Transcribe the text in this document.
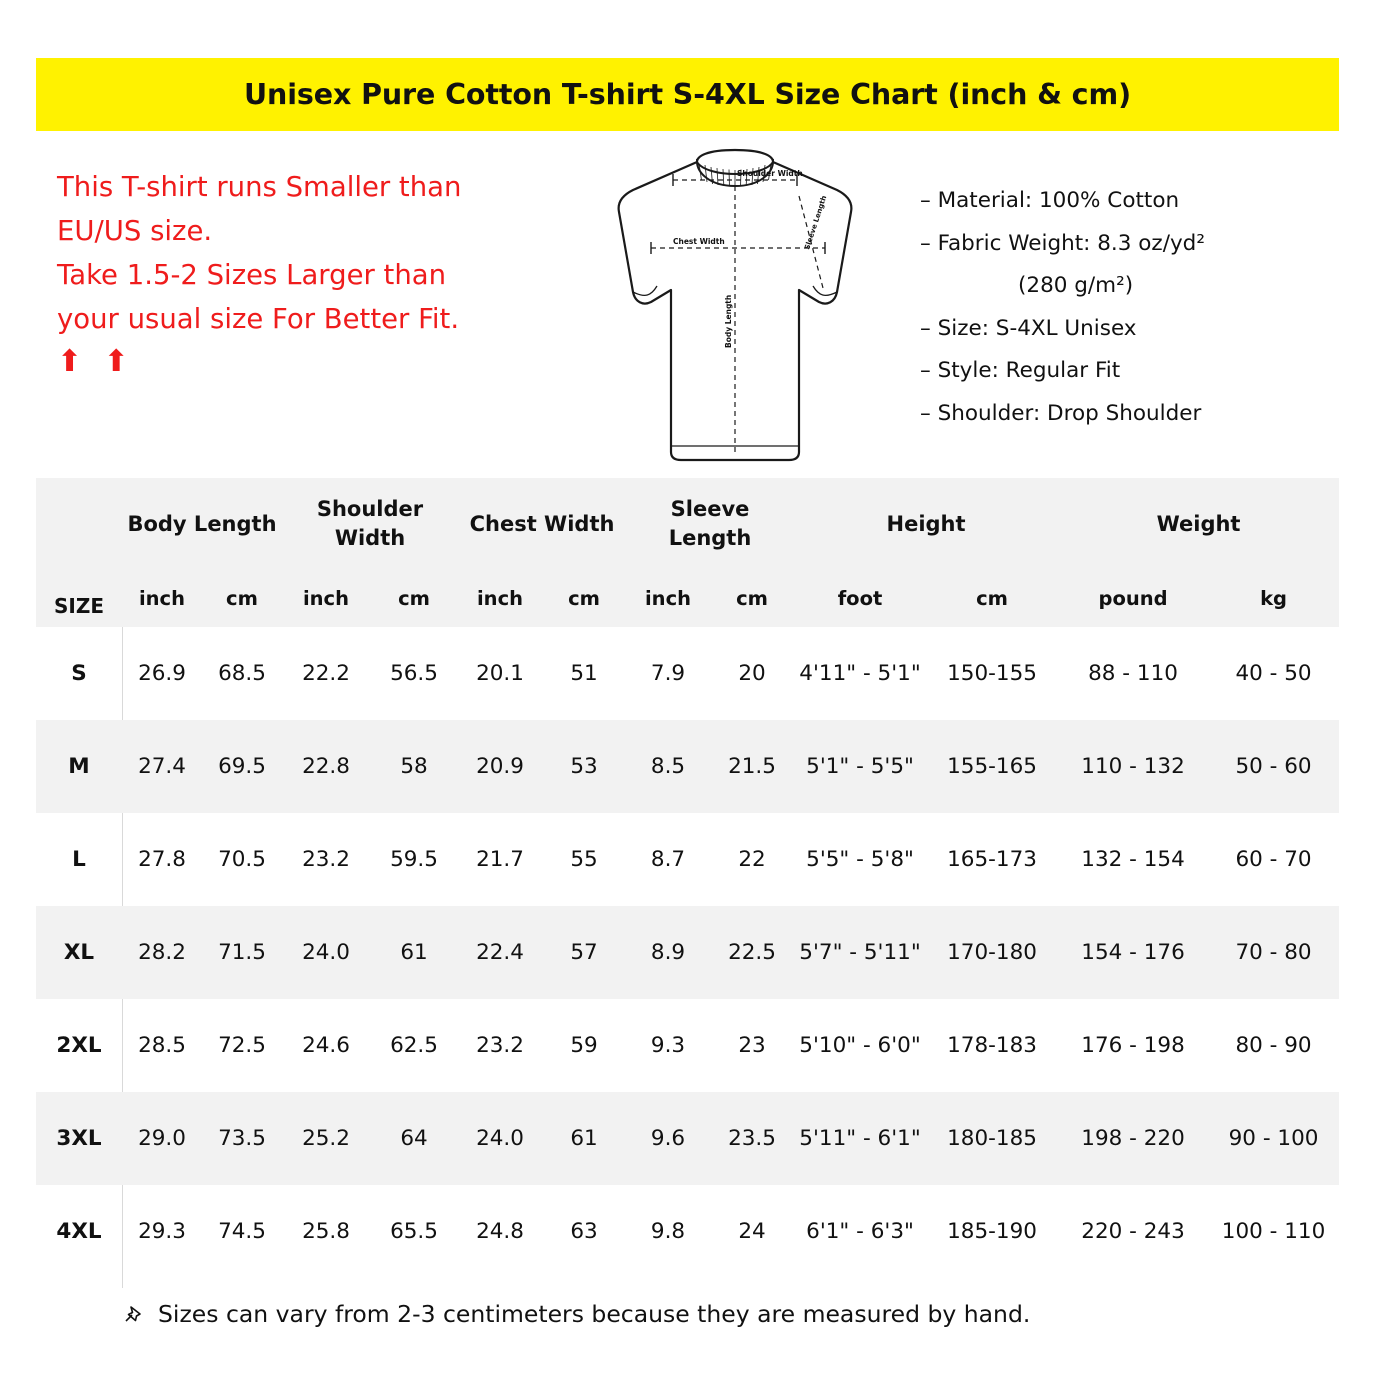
Unisex Pure Cotton T-shirt S-4XL Size Chart (inch & cm)
This T-shirt runs Smaller than
EU/US size.
Take 1.5-2 Sizes Larger than
your usual size For Better Fit.
⬆ ⬆
– Material: 100% Cotton
– Fabric Weight: 8.3 oz/yd²
(280 g/m²)
– Size: S-4XL Unisex
– Style: Regular Fit
– Shoulder: Drop Shoulder
Shoulder Width
Chest Width
Body Length
Sleeve Length
SIZE	Body Length		Shoulder Width		Chest Width		Sleeve Length		Height		Weight	
	inch	cm	inch	cm	inch	cm	inch	cm	foot	cm	pound	kg
S	26.9	68.5	22.2	56.5	20.1	51	7.9	20	4'11" - 5'1"	150-155	88 - 110	40 - 50
M	27.4	69.5	22.8	58	20.9	53	8.5	21.5	5'1" - 5'5"	155-165	110 - 132	50 - 60
L	27.8	70.5	23.2	59.5	21.7	55	8.7	22	5'5" - 5'8"	165-173	132 - 154	60 - 70
XL	28.2	71.5	24.0	61	22.4	57	8.9	22.5	5'7" - 5'11"	170-180	154 - 176	70 - 80
2XL	28.5	72.5	24.6	62.5	23.2	59	9.3	23	5'10" - 6'0"	178-183	176 - 198	80 - 90
3XL	29.0	73.5	25.2	64	24.0	61	9.6	23.5	5'11" - 6'1"	180-185	198 - 220	90 - 100
4XL	29.3	74.5	25.8	65.5	24.8	63	9.8	24	6'1" - 6'3"	185-190	220 - 243	100 - 110
Sizes can vary from 2-3 centimeters because they are measured by hand.
